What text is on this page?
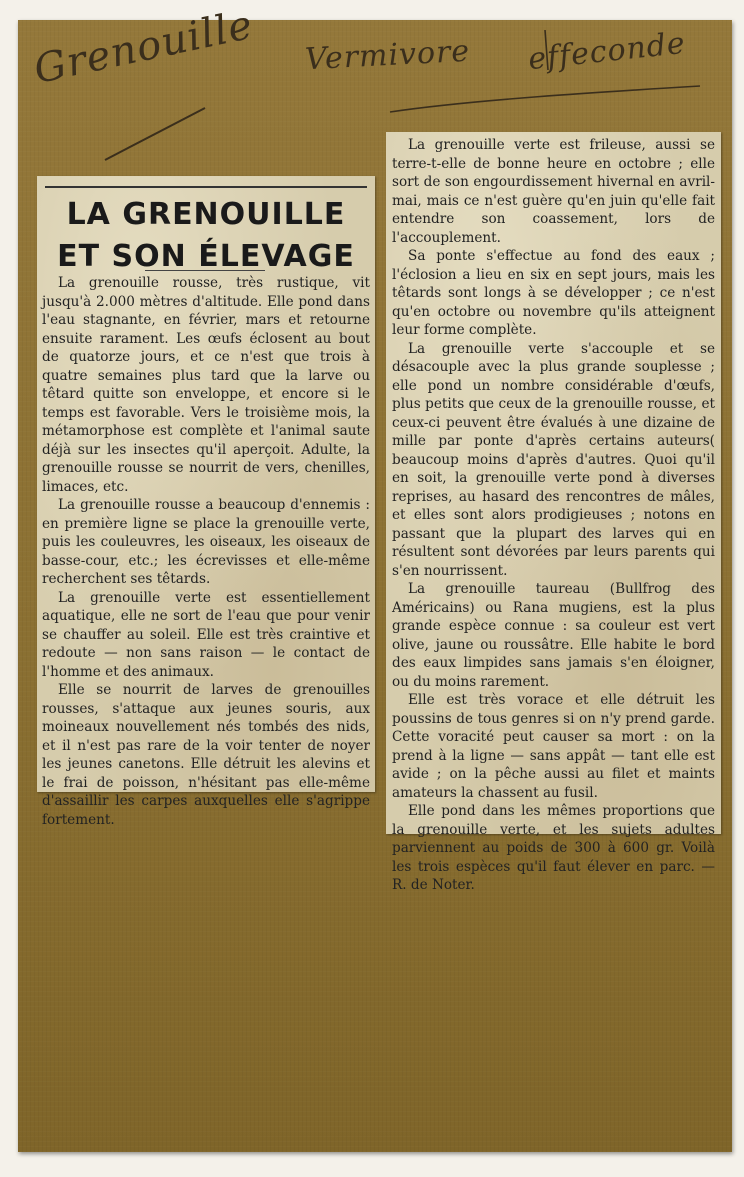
Grenouille Vermivore effeconde
LA GRENOUILLE
ET SON ÉLEVAGE

La grenouille rousse, très rustique, vit jusqu'à 2.000 mètres d'altitude. Elle pond dans l'eau stagnante, en février, mars et retourne ensuite rarament. Les œufs éclosent au bout de quatorze jours, et ce n'est que trois à quatre semaines plus tard que la larve ou têtard quitte son enveloppe, et encore si le temps est favorable. Vers le troisième mois, la métamorphose est complète et l'animal saute déjà sur les insectes qu'il aperçoit. Adulte, la grenouille rousse se nourrit de vers, chenilles, limaces, etc.

La grenouille rousse a beaucoup d'ennemis : en première ligne se place la grenouille verte, puis les couleuvres, les oiseaux, les oiseaux de basse-cour, etc.; les écrevisses et elle-même recherchent ses têtards.

La grenouille verte est essentiellement aquatique, elle ne sort de l'eau que pour venir se chauffer au soleil. Elle est très craintive et redoute — non sans raison — le contact de l'homme et des animaux.

Elle se nourrit de larves de grenouilles rousses, s'attaque aux jeunes souris, aux moineaux nouvellement nés tombés des nids, et il n'est pas rare de la voir tenter de noyer les jeunes canetons. Elle détruit les alevins et le frai de poisson, n'hésitant pas elle-même d'assaillir les carpes auxquelles elle s'agrippe fortement.

La grenouille verte est frileuse, aussi se terre-t-elle de bonne heure en octobre ; elle sort de son engourdissement hivernal en avril-mai, mais ce n'est guère qu'en juin qu'elle fait entendre son coassement, lors de l'accouplement.

Sa ponte s'effectue au fond des eaux ; l'éclosion a lieu en six en sept jours, mais les têtards sont longs à se développer ; ce n'est qu'en octobre ou novembre qu'ils atteignent leur forme complète.

La grenouille verte s'accouple et se désacouple avec la plus grande souplesse ; elle pond un nombre considérable d'œufs, plus petits que ceux de la grenouille rousse, et ceux-ci peuvent être évalués à une dizaine de mille par ponte d'après certains auteurs( beaucoup moins d'après d'autres. Quoi qu'il en soit, la grenouille verte pond à diverses reprises, au hasard des rencontres de mâles, et elles sont alors prodigieuses ; notons en passant que la plupart des larves qui en résultent sont dévorées par leurs parents qui s'en nourrissent.

La grenouille taureau (Bullfrog des Américains) ou Rana mugiens, est la plus grande espèce connue : sa couleur est vert olive, jaune ou roussâtre. Elle habite le bord des eaux limpides sans jamais s'en éloigner, ou du moins rarement.

Elle est très vorace et elle détruit les poussins de tous genres si on n'y prend garde. Cette voracité peut causer sa mort : on la prend à la ligne — sans appât — tant elle est avide ; on la pêche aussi au filet et maints amateurs la chassent au fusil.

Elle pond dans les mêmes proportions que la grenouille verte, et les sujets adultes parviennent au poids de 300 à 600 gr. Voilà les trois espèces qu'il faut élever en parc. — R. de Noter.
